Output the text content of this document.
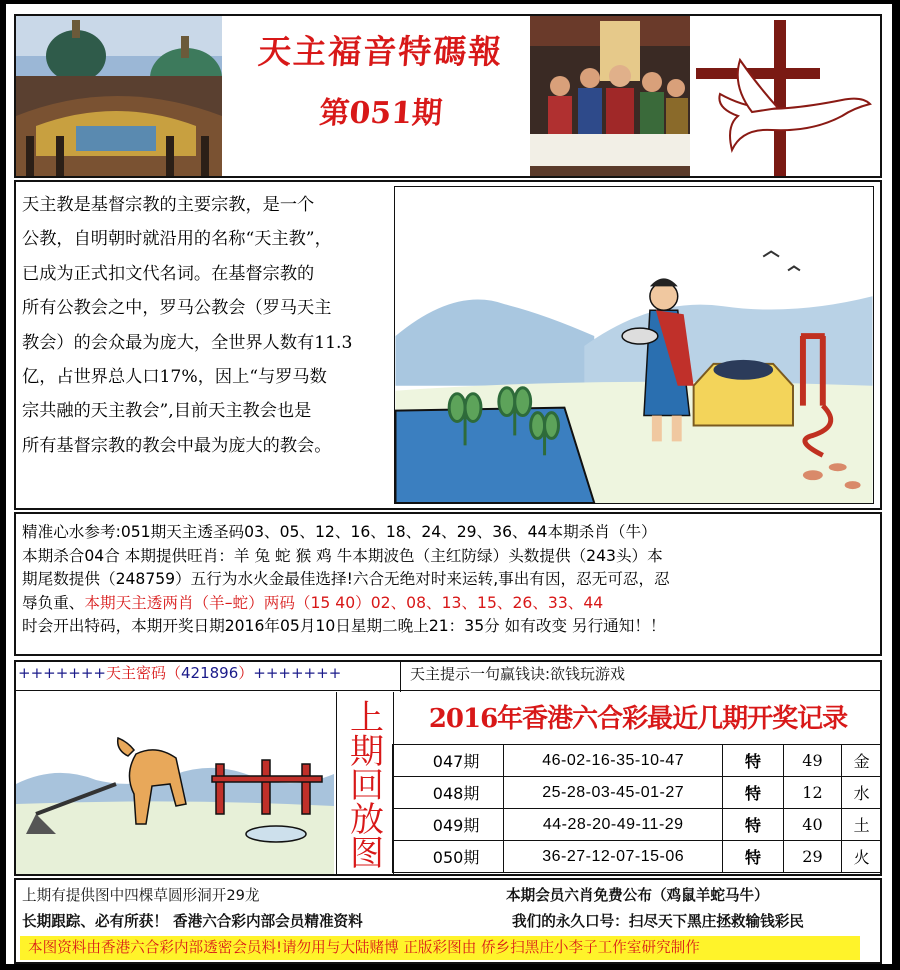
天主福音特碼報
第051期

天主教是基督宗教的主要宗教，是一个

公教，自明朝时就沿用的名称“天主教”，

已成为正式扣文代名词。在基督宗教的

所有公教会之中，罗马公教会（罗马天主

教会）的会众最为庞大，全世界人数有11.3

亿，占世界总人口17%，因上“与罗马数

宗共融的天主教会”,目前天主教会也是

所有基督宗教的教会中最为庞大的教会。

精准心水参考:051期天主透圣码03、05、12、16、18、24、29、36、44本期杀肖（牛）

本期杀合04合 本期提供旺肖：羊 兔 蛇 猴 鸡 牛本期波色（主红防绿）头数提供（243头）本

期尾数提供（248759）五行为水火金最佳选择!六合无绝对时来运转,事出有因，忍无可忍，忍

辱负重、本期天主透两肖（羊–蛇）两码（15 40）02、08、13、15、26、33、44

时会开出特码，本期开奖日期2016年05月10日星期二晚上21：35分 如有改变 另行通知！！

+++++++天主密码（421896）+++++++	天主提示一句赢钱诀:欲钱玩游戏
上
期
回
放
图
2016年香港六合彩最近几期开奖记录
047期	46-02-16-35-10-47	特	49	金
048期	25-28-03-45-01-27	特	12	水
049期	44-28-20-49-11-29	特	40	土
050期	36-27-12-07-15-06	特	29	火
上期有提供图中四棵草圆形洞开29龙	本期会员六肖免费公布（鸡鼠羊蛇马牛）
长期跟踪、必有所获！ 香港六合彩内部会员精准资料	我们的永久口号：扫尽天下黑庄拯救输钱彩民
本图资料由香港六合彩内部透密会员料!请勿用与大陆赌博 正版彩图由 侨乡扫黑庄小李子工作室研究制作
